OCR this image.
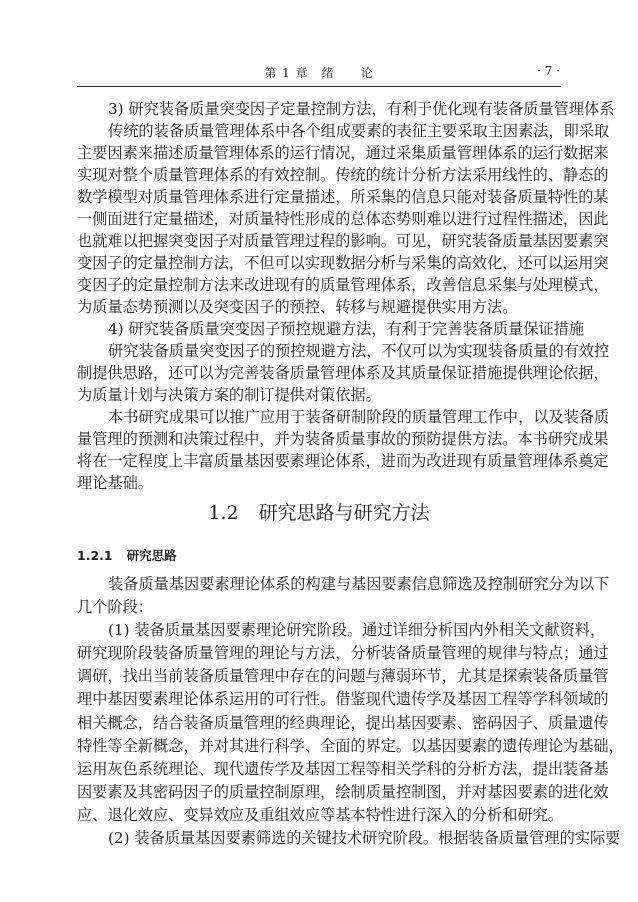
第 1 章　绪　　论	· 7 ·
3) 研究装备质量突变因子定量控制方法，有利于优化现有装备质量管理体系
传统的装备质量管理体系中各个组成要素的表征主要采取主因素法，即采取
主要因素来描述质量管理体系的运行情况，通过采集质量管理体系的运行数据来
实现对整个质量管理体系的有效控制。传统的统计分析方法采用线性的、静态的
数学模型对质量管理体系进行定量描述，所采集的信息只能对装备质量特性的某
一侧面进行定量描述，对质量特性形成的总体态势则难以进行过程性描述，因此
也就难以把握突变因子对质量管理过程的影响。可见，研究装备质量基因要素突
变因子的定量控制方法，不但可以实现数据分析与采集的高效化，还可以运用突
变因子的定量控制方法来改进现有的质量管理体系，改善信息采集与处理模式，
为质量态势预测以及突变因子的预控、转移与规避提供实用方法。
4) 研究装备质量突变因子预控规避方法，有利于完善装备质量保证措施
研究装备质量突变因子的预控规避方法，不仅可以为实现装备质量的有效控
制提供思路，还可以为完善装备质量管理体系及其质量保证措施提供理论依据，
为质量计划与决策方案的制订提供对策依据。
本书研究成果可以推广应用于装备研制阶段的质量管理工作中，以及装备质
量管理的预测和决策过程中，并为装备质量事故的预防提供方法。本书研究成果
将在一定程度上丰富质量基因要素理论体系，进而为改进现有质量管理体系奠定
理论基础。
1.2 研究思路与研究方法
1.2.1 研究思路
装备质量基因要素理论体系的构建与基因要素信息筛选及控制研究分为以下
几个阶段：
(1) 装备质量基因要素理论研究阶段。通过详细分析国内外相关文献资料，
研究现阶段装备质量管理的理论与方法，分析装备质量管理的规律与特点；通过
调研，找出当前装备质量管理中存在的问题与薄弱环节，尤其是探索装备质量管
理中基因要素理论体系运用的可行性。借鉴现代遗传学及基因工程等学科领域的
相关概念，结合装备质量管理的经典理论，提出基因要素、密码因子、质量遗传
特性等全新概念，并对其进行科学、全面的界定。以基因要素的遗传理论为基础，
运用灰色系统理论、现代遗传学及基因工程等相关学科的分析方法，提出装备基
因要素及其密码因子的质量控制原理，绘制质量控制图，并对基因要素的进化效
应、退化效应、变异效应及重组效应等基本特性进行深入的分析和研究。
(2) 装备质量基因要素筛选的关键技术研究阶段。根据装备质量管理的实际要
